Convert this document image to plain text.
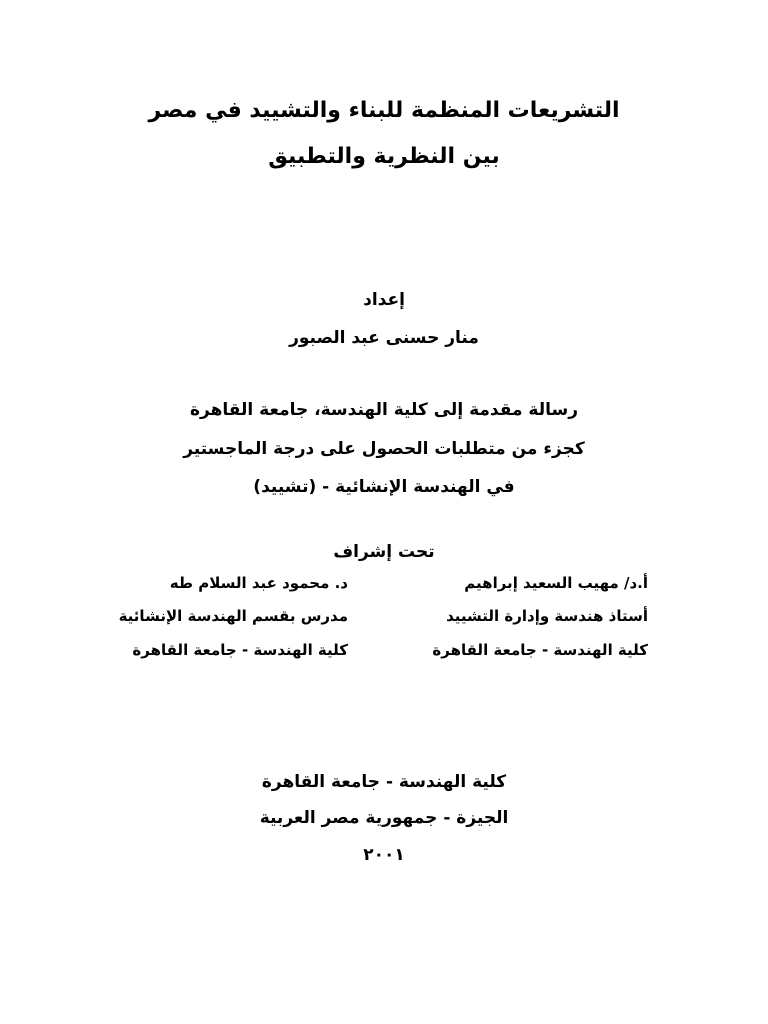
التشريعات المنظمة للبناء والتشييد في مصر
بين النظرية والتطبيق
إعداد
منار حسنى عبد الصبور
رسالة مقدمة إلى كلية الهندسة، جامعة القاهرة
كجزء من متطلبات الحصول على درجة الماجستير
في الهندسة الإنشائية - (تشييد)
تحت إشراف
أ.د/ مهيب السعيد إبراهيم
أستاذ هندسة وإدارة التشييد
كلية الهندسة - جامعة القاهرة
د. محمود عبد السلام طه
مدرس بقسم الهندسة الإنشائية
كلية الهندسة - جامعة القاهرة
كلية الهندسة - جامعة القاهرة
الجيزة - جمهورية مصر العربية
٢٠٠١
